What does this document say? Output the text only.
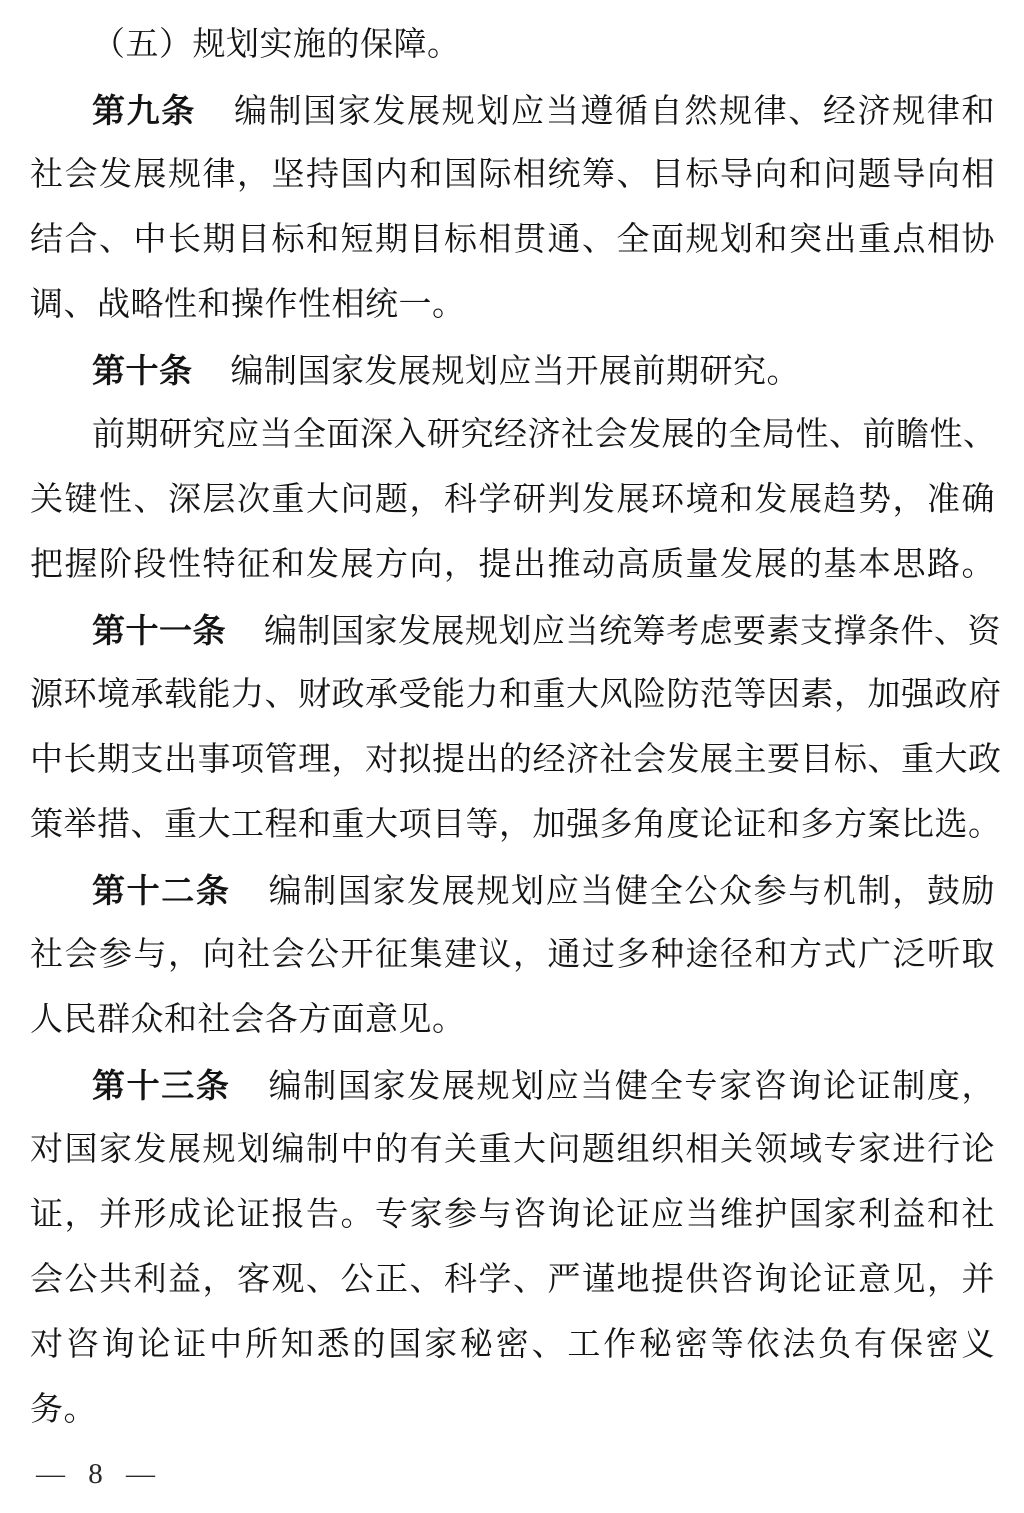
（五）规划实施的保障。
第九条 编制国家发展规划应当遵循自然规律、经济规律和
社会发展规律，坚持国内和国际相统筹、目标导向和问题导向相
结合、中长期目标和短期目标相贯通、全面规划和突出重点相协
调、战略性和操作性相统一。
第十条 编制国家发展规划应当开展前期研究。
前期研究应当全面深入研究经济社会发展的全局性、前瞻性、
关键性、深层次重大问题，科学研判发展环境和发展趋势，准确
把握阶段性特征和发展方向，提出推动高质量发展的基本思路。
第十一条 编制国家发展规划应当统筹考虑要素支撑条件、资
源环境承载能力、财政承受能力和重大风险防范等因素，加强政府
中长期支出事项管理，对拟提出的经济社会发展主要目标、重大政
策举措、重大工程和重大项目等，加强多角度论证和多方案比选。
第十二条 编制国家发展规划应当健全公众参与机制，鼓励
社会参与，向社会公开征集建议，通过多种途径和方式广泛听取
人民群众和社会各方面意见。
第十三条 编制国家发展规划应当健全专家咨询论证制度，
对国家发展规划编制中的有关重大问题组织相关领域专家进行论
证，并形成论证报告。专家参与咨询论证应当维护国家利益和社
会公共利益，客观、公正、科学、严谨地提供咨询论证意见，并
对咨询论证中所知悉的国家秘密、工作秘密等依法负有保密义
务。
— 8 —
